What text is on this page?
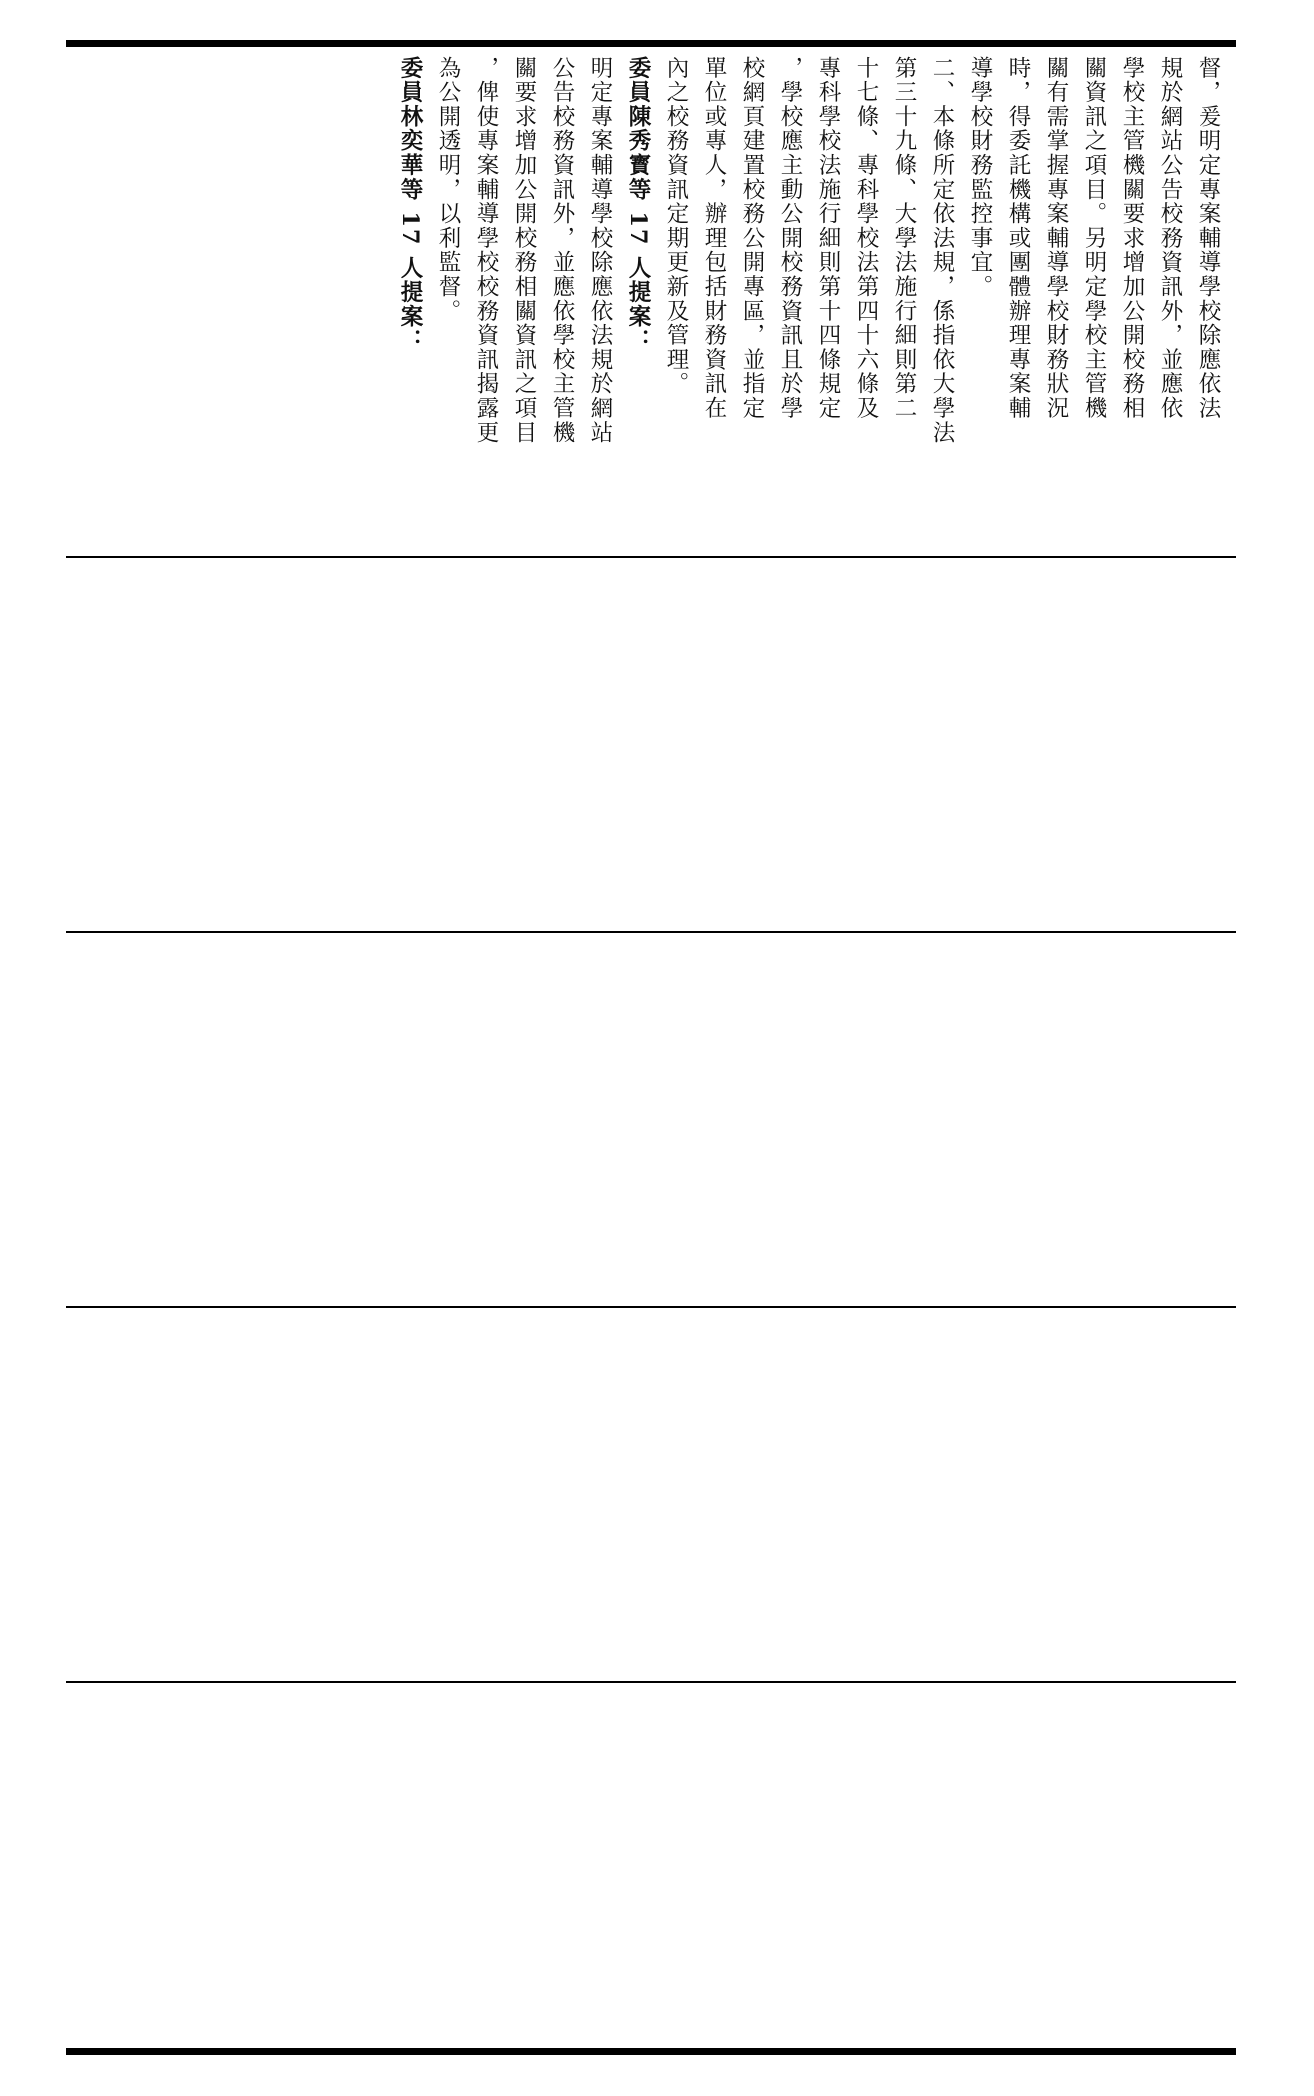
督，爰明定專案輔導學校除應依法
規於網站公告校務資訊外，並應依
學校主管機關要求增加公開校務相
關資訊之項目。另明定學校主管機
關有需掌握專案輔導學校財務狀況
時，得委託機構或團體辦理專案輔
導學校財務監控事宜。
二、本條所定依法規，係指依大學法
第三十九條、大學法施行細則第二
十七條、專科學校法第四十六條及
專科學校法施行細則第十四條規定
，學校應主動公開校務資訊且於學
校網頁建置校務公開專區，並指定
單位或專人，辦理包括財務資訊在
內之校務資訊定期更新及管理。
委員陳秀寳等 17 人提案：
明定專案輔導學校除應依法規於網站
公告校務資訊外，並應依學校主管機
關要求增加公開校務相關資訊之項目
，俾使專案輔導學校校務資訊揭露更
為公開透明，以利監督。
委員林奕華等 17 人提案：
